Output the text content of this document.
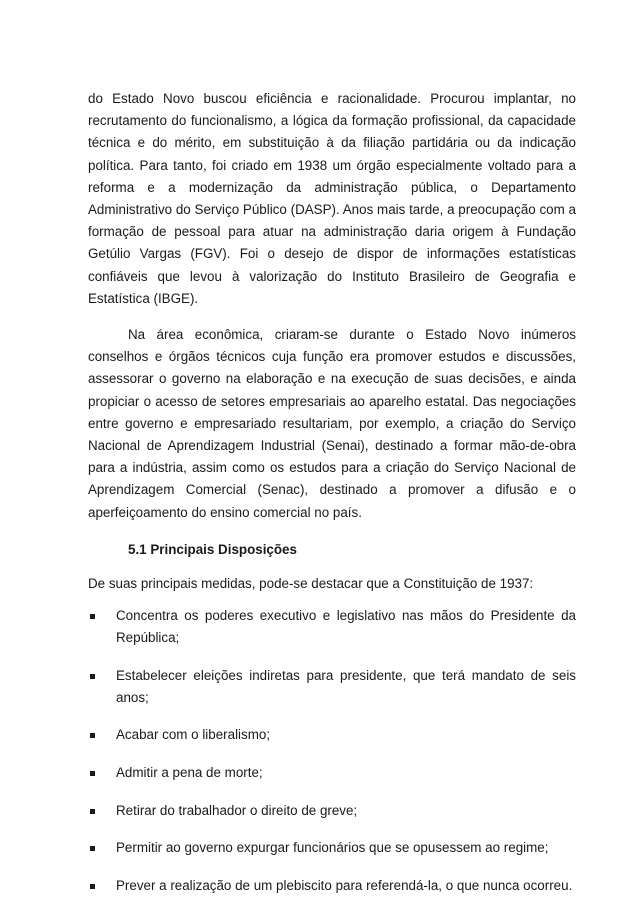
do Estado Novo buscou eficiência e racionalidade. Procurou implantar, no recrutamento do funcionalismo, a lógica da formação profissional, da capacidade técnica e do mérito, em substituição à da filiação partidária ou da indicação política. Para tanto, foi criado em 1938 um órgão especialmente voltado para a reforma e a modernização da administração pública, o Departamento Administrativo do Serviço Público (DASP). Anos mais tarde, a preocupação com a formação de pessoal para atuar na administração daria origem à Fundação Getúlio Vargas (FGV). Foi o desejo de dispor de informações estatísticas confiáveis que levou à valorização do Instituto Brasileiro de Geografia e Estatística (IBGE).

Na área econômica, criaram-se durante o Estado Novo inúmeros conselhos e órgãos técnicos cuja função era promover estudos e discussões, assessorar o governo na elaboração e na execução de suas decisões, e ainda propiciar o acesso de setores empresariais ao aparelho estatal. Das negociações entre governo e empresariado resultariam, por exemplo, a criação do Serviço Nacional de Aprendizagem Industrial (Senai), destinado a formar mão-de-obra para a indústria, assim como os estudos para a criação do Serviço Nacional de Aprendizagem Comercial (Senac), destinado a promover a difusão e o aperfeiçoamento do ensino comercial no país.

5.1 Principais Disposições

De suas principais medidas, pode-se destacar que a Constituição de 1937:

Concentra os poderes executivo e legislativo nas mãos do Presidente da República;
Estabelecer eleições indiretas para presidente, que terá mandato de seis anos;
Acabar com o liberalismo;
Admitir a pena de morte;
Retirar do trabalhador o direito de greve;
Permitir ao governo expurgar funcionários que se opusessem ao regime;
Prever a realização de um plebiscito para referendá-la, o que nunca ocorreu.
